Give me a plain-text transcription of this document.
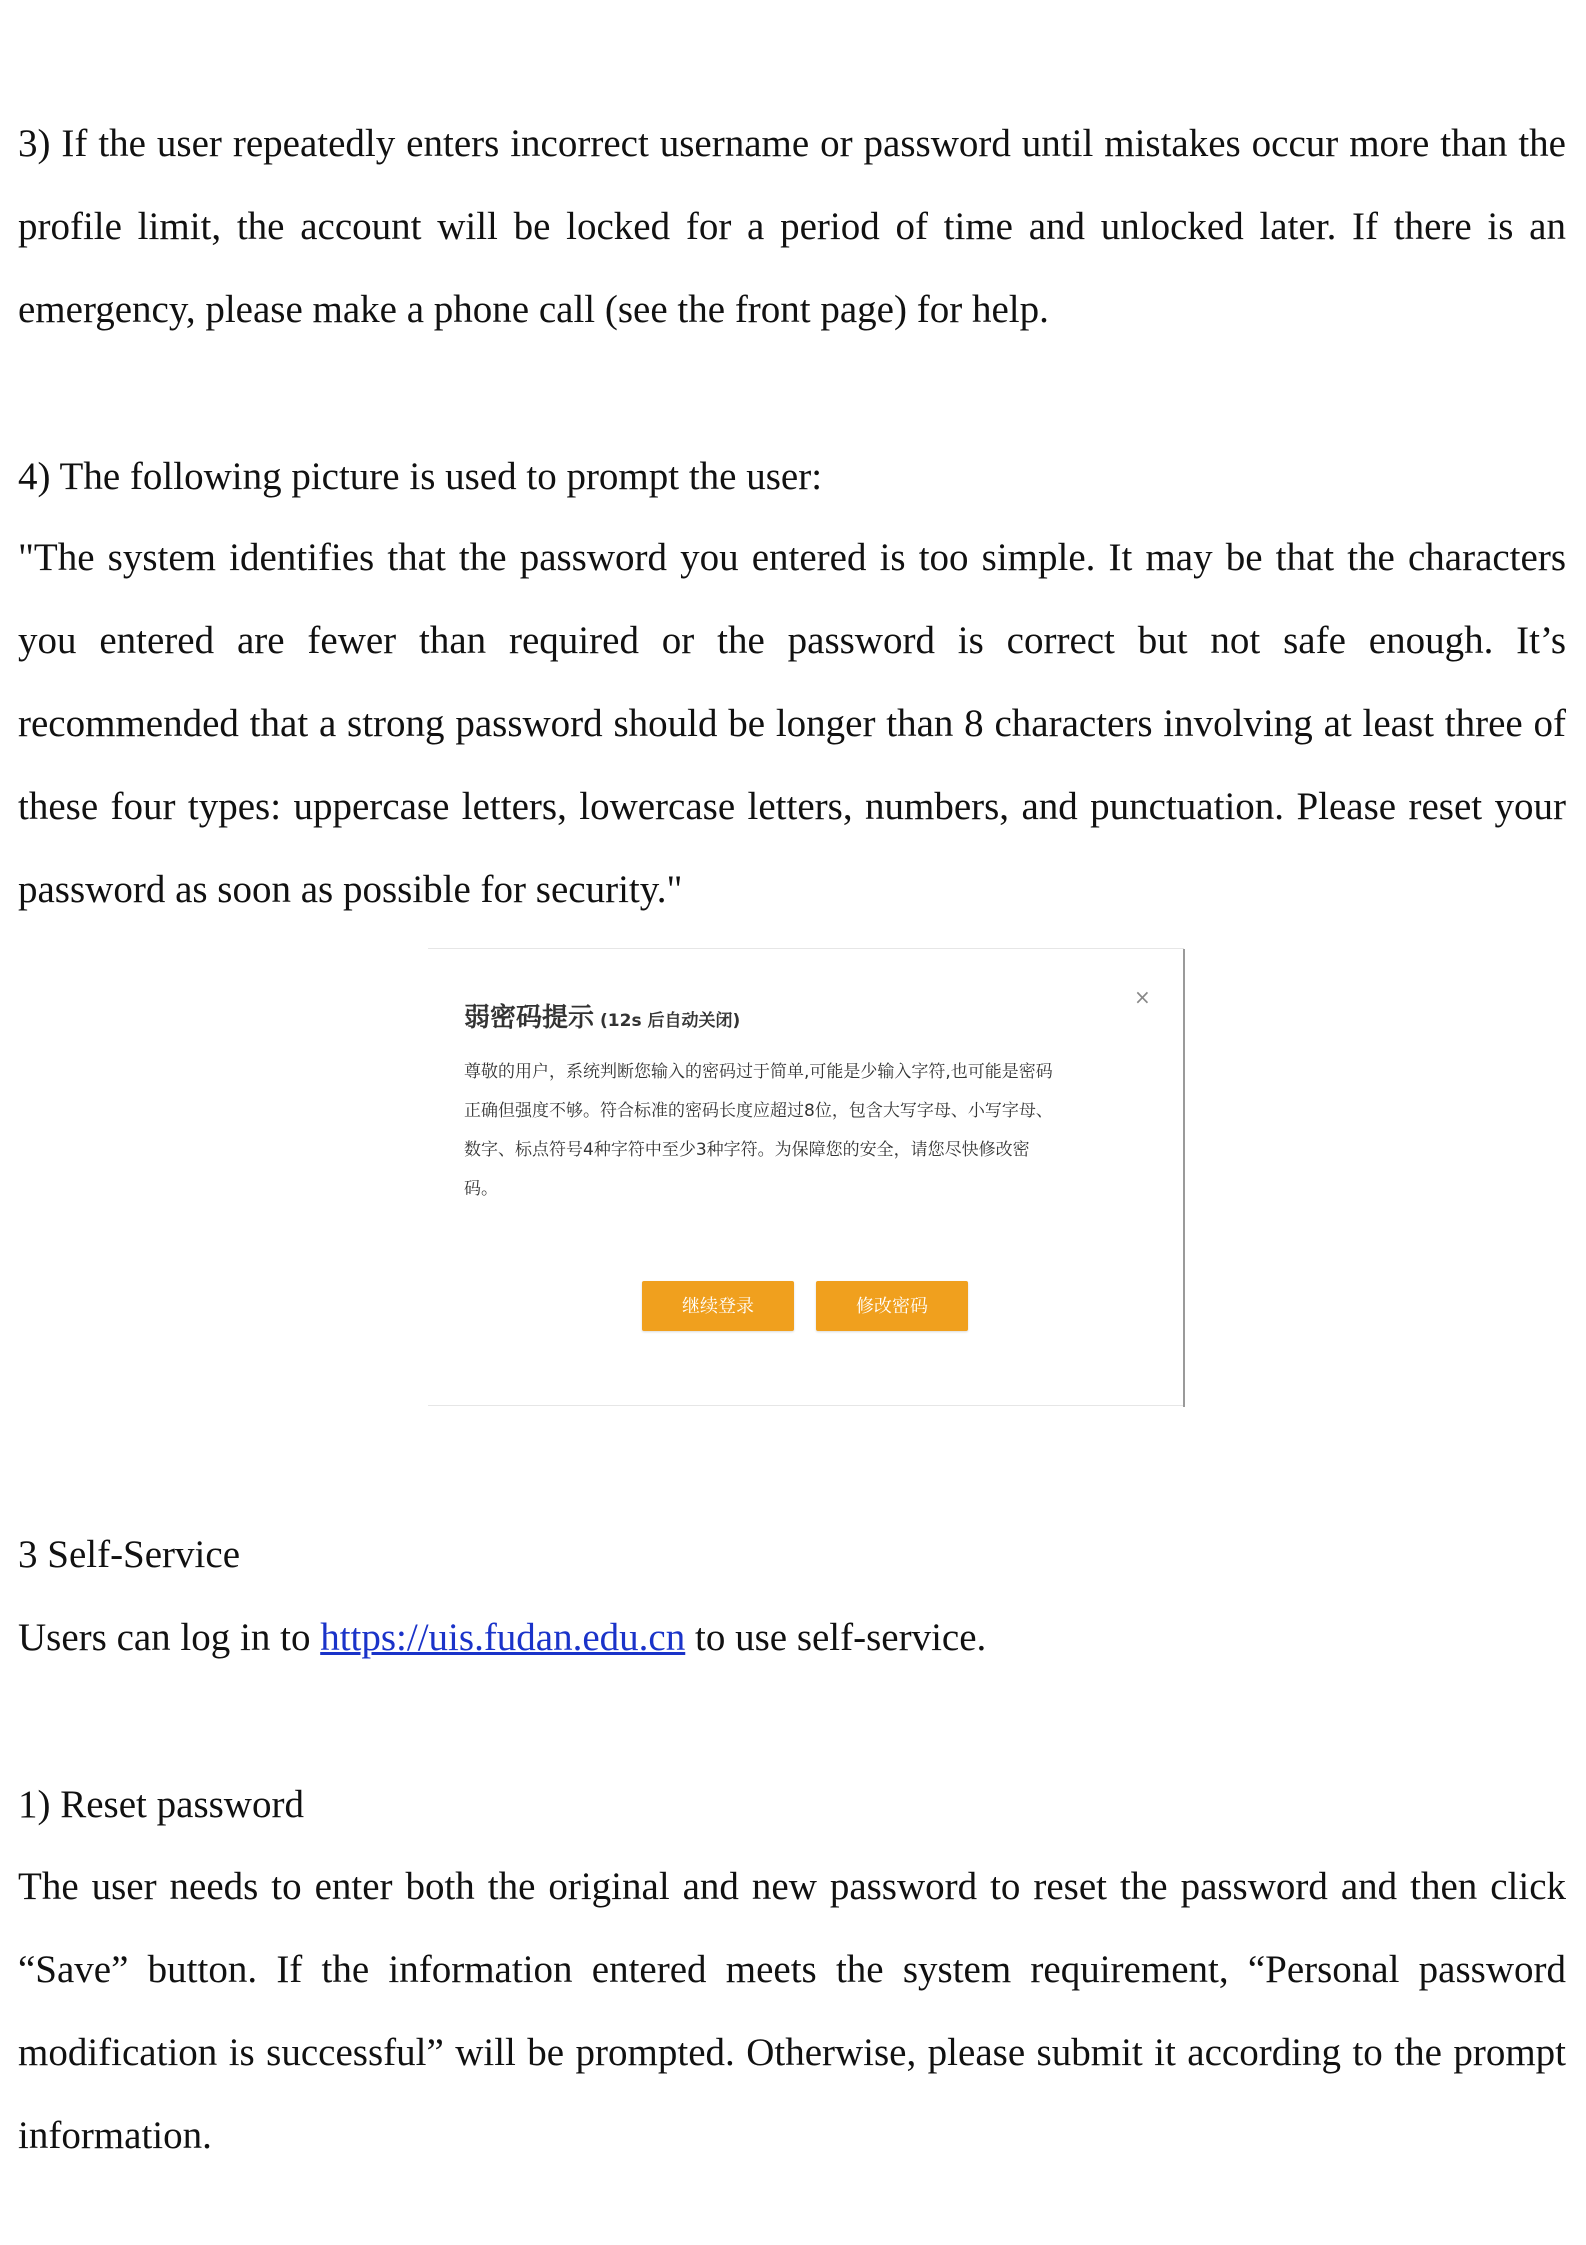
3) If the user repeatedly enters incorrect username or password until mistakes occur more than the profile limit, the account will be locked for a period of time and unlocked later. If there is an emergency, please make a phone call (see the front page) for help.

4) The following picture is used to prompt the user:

"The system identifies that the password you entered is too simple. It may be that the characters you entered are fewer than required or the password is correct but not safe enough. It’s recommended that a strong password should be longer than 8 characters involving at least three of these four types: uppercase letters, lowercase letters, numbers, and punctuation. Please reset your password as soon as possible for security."

弱密码提示 (12s 后自动关闭)
×
尊敬的用户，系统判断您输入的密码过于简单,可能是少输入字符,也可能是密码
正确但强度不够。符合标准的密码长度应超过8位，包含大写字母、小写字母、
数字、标点符号4种字符中至少3种字符。为保障您的安全，请您尽快修改密
码。
继续登录	修改密码

3 Self-Service

Users can log in to https://uis.fudan.edu.cn to use self-service.

1) Reset password

The user needs to enter both the original and new password to reset the password and then click “Save” button. If the information entered meets the system requirement, “Personal password modification is successful” will be prompted. Otherwise, please submit it according to the prompt information.
